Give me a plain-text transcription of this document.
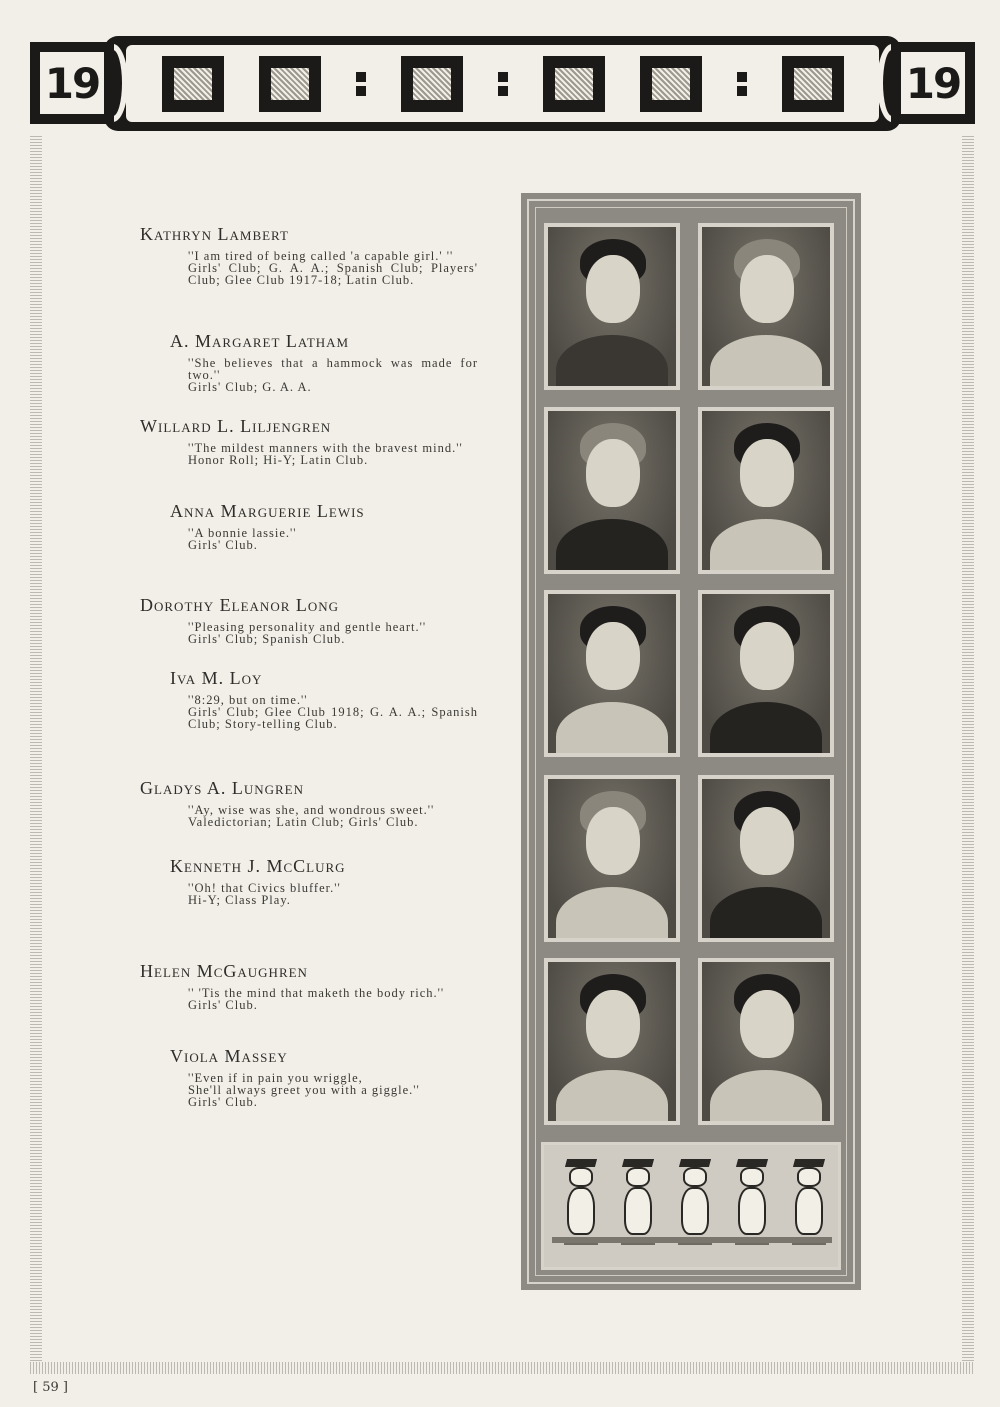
19	19
Kathryn Lambert
''I am tired of being called 'a capable girl.' ''
Girls' Club; G. A. A.; Spanish Club; Players' Club; Glee Club 1917-18; Latin Club.
A. Margaret Latham
''She believes that a hammock was made for two.''
Girls' Club; G. A. A.
Willard L. Liljengren
''The mildest manners with the bravest mind.''
Honor Roll; Hi-Y; Latin Club.
Anna Marguerie Lewis
''A bonnie lassie.''
Girls' Club.
Dorothy Eleanor Long
''Pleasing personality and gentle heart.''
Girls' Club; Spanish Club.
Iva M. Loy
''8:29, but on time.''
Girls' Club; Glee Club 1918; G. A. A.; Spanish Club; Story-telling Club.
Gladys A. Lungren
''Ay, wise was she, and wondrous sweet.''
Valedictorian; Latin Club; Girls' Club.
Kenneth J. McClurg
''Oh! that Civics bluffer.''
Hi-Y; Class Play.
Helen McGaughren
'' 'Tis the mind that maketh the body rich.''
Girls' Club.
Viola Massey
''Even if in pain you wriggle,
She'll always greet you with a giggle.''
Girls' Club.
[ 59 ]
